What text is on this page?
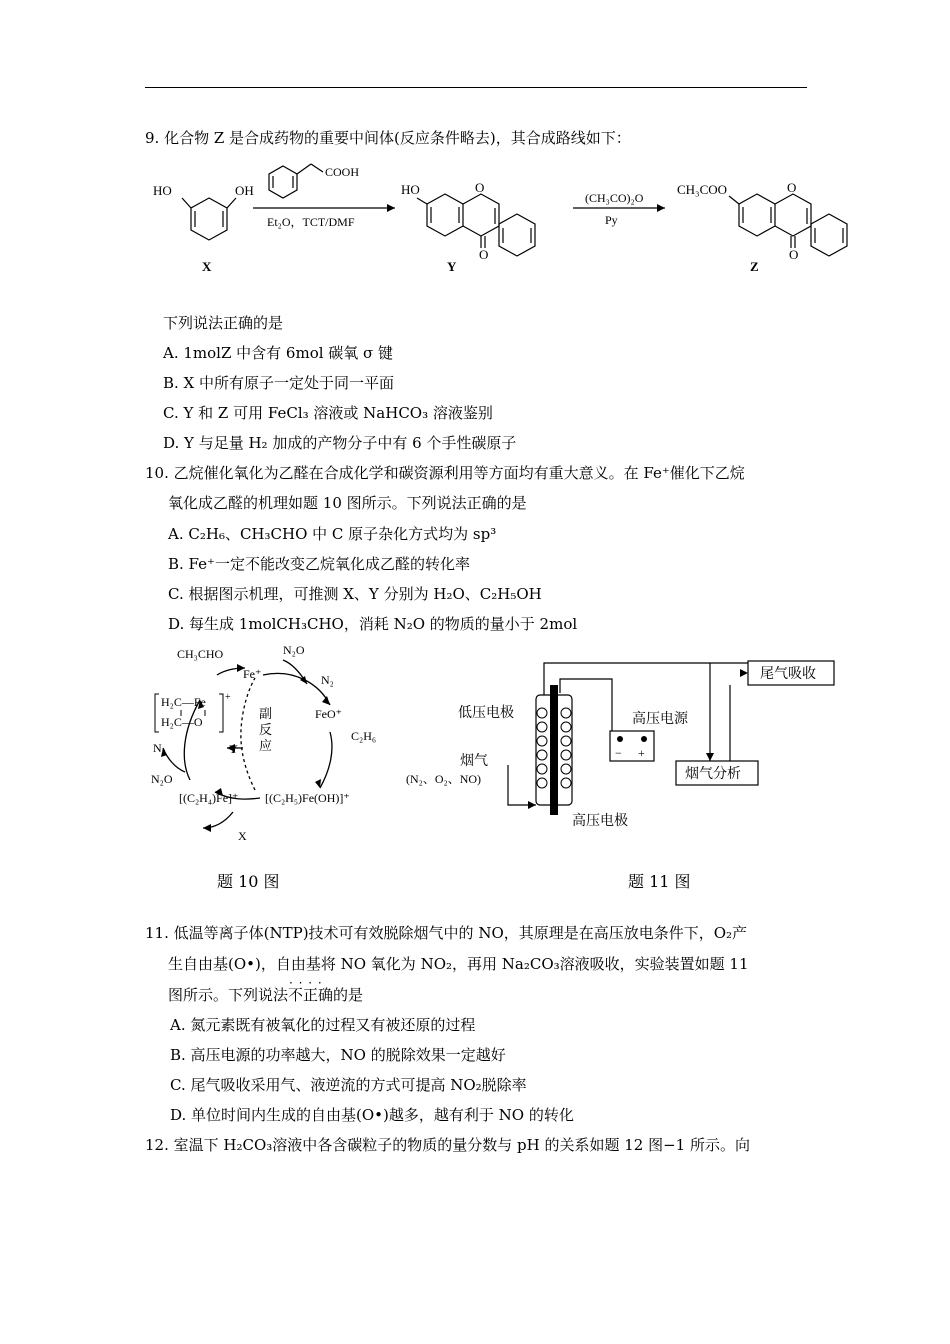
9. 化合物 Z 是合成药物的重要中间体(反应条件略去)，其合成路线如下：
HO	OH
X
COOH
Et₂O，TCT/DMF
HO	O
O
Y
(CH₃CO)₂O
Py
CH₃COO	O
O
Z
下列说法正确的是
A. 1molZ 中含有 6mol 碳氧 σ 键
B. X 中所有原子一定处于同一平面
C. Y 和 Z 可用 FeCl₃ 溶液或 NaHCO₃ 溶液鉴别
D. Y 与足量 H₂ 加成的产物分子中有 6 个手性碳原子
10. 乙烷催化氧化为乙醛在合成化学和碳资源利用等方面均有重大意义。在 Fe⁺催化下乙烷
氧化成乙醛的机理如题 10 图所示。下列说法正确的是
A. C₂H₆、CH₃CHO 中 C 原子杂化方式均为 sp³
B. Fe⁺一定不能改变乙烷氧化成乙醛的转化率
C. 根据图示机理，可推测 X、Y 分别为 H₂O、C₂H₅OH
D. 每生成 1molCH₃CHO，消耗 N₂O 的物质的量小于 2mol
CH₃CHO
Fe⁺
N₂O
N₂
FeO⁺
C₂H₆
[(C₂H₅)Fe(OH)]⁺
[(C₂H₄)Fe]⁺
X
Y
N₂O
N₂
H₂C—Fe
H₂C—O
+
副
反
应
尾气吸收
烟气分析
− +
高压电源
低压电极
烟气
(N₂、O₂、NO)
高压电极
题 10 图	题 11 图
11. 低温等离子体(NTP)技术可有效脱除烟气中的 NO，其原理是在高压放电条件下，O₂产
生自由基(O•)，自由基将 NO 氧化为 NO₂，再用 Na₂CO₃溶液吸收，实验装置如题 11
图所示。下列说法· · · · 不正确的是
A. 氮元素既有被氧化的过程又有被还原的过程
B. 高压电源的功率越大，NO 的脱除效果一定越好
C. 尾气吸收采用气、液逆流的方式可提高 NO₂脱除率
D. 单位时间内生成的自由基(O•)越多，越有利于 NO 的转化
12. 室温下 H₂CO₃溶液中各含碳粒子的物质的量分数与 pH 的关系如题 12 图−1 所示。向
